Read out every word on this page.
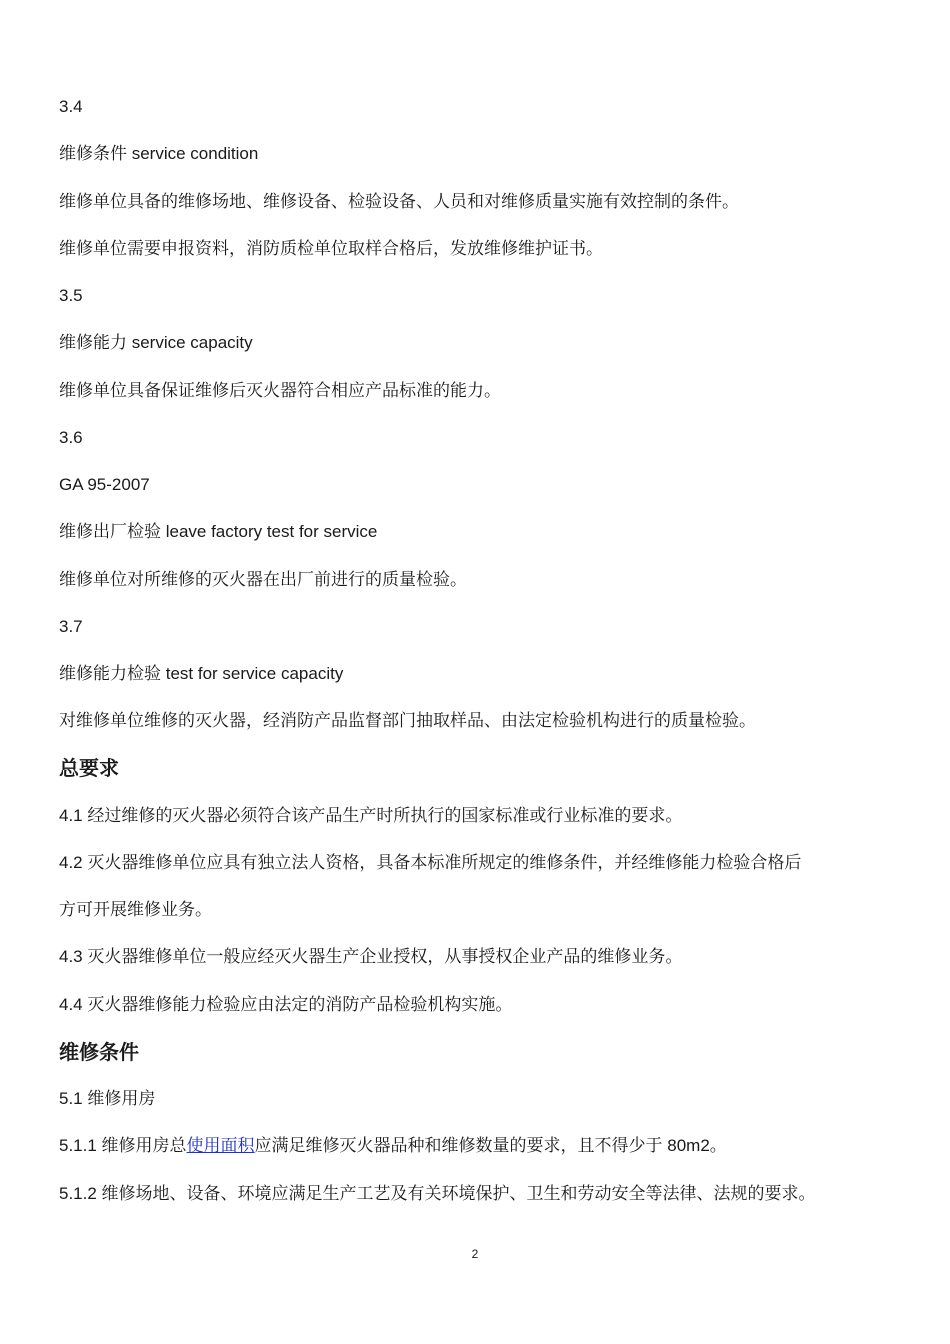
3.4
维修条件 service condition
维修单位具备的维修场地、维修设备、检验设备、人员和对维修质量实施有效控制的条件。
维修单位需要申报资料，消防质检单位取样合格后，发放维修维护证书。
3.5
维修能力 service capacity
维修单位具备保证维修后灭火器符合相应产品标准的能力。
3.6
GA 95-2007
维修出厂检验 leave factory test for service
维修单位对所维修的灭火器在出厂前进行的质量检验。
3.7
维修能力检验 test for service capacity
对维修单位维修的灭火器，经消防产品监督部门抽取样品、由法定检验机构进行的质量检验。
总要求
4.1 经过维修的灭火器必须符合该产品生产时所执行的国家标准或行业标准的要求。
4.2 灭火器维修单位应具有独立法人资格，具备本标准所规定的维修条件，并经维修能力检验合格后
方可开展维修业务。
4.3 灭火器维修单位一般应经灭火器生产企业授权，从事授权企业产品的维修业务。
4.4 灭火器维修能力检验应由法定的消防产品检验机构实施。
维修条件
5.1 维修用房
5.1.1 维修用房总使用面积应满足维修灭火器品种和维修数量的要求，且不得少于 80m2。
5.1.2 维修场地、设备、环境应满足生产工艺及有关环境保护、卫生和劳动安全等法律、法规的要求。
2
